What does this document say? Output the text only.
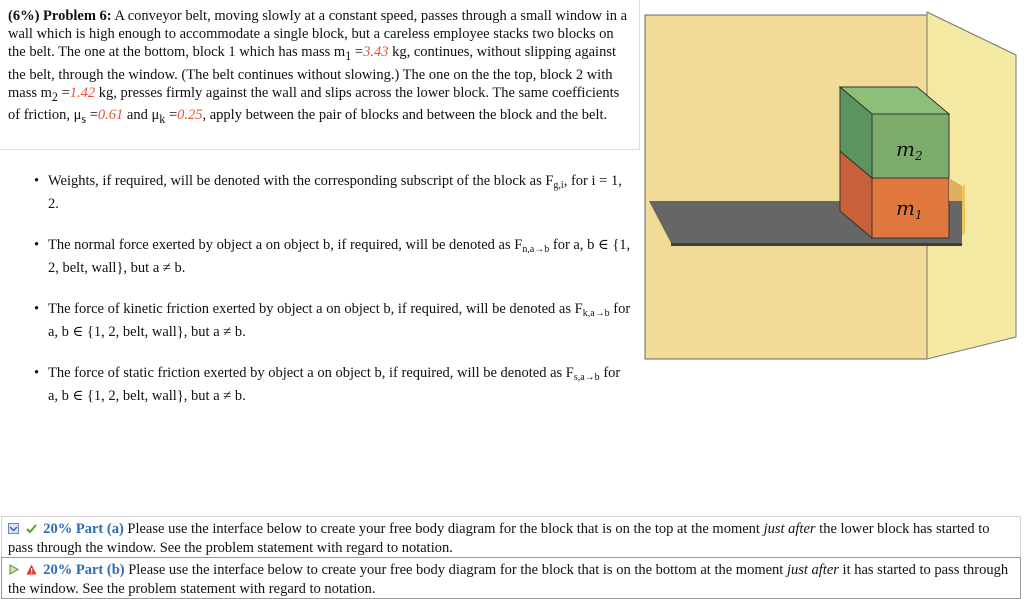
(6%) Problem 6: A conveyor belt, moving slowly at a constant speed, passes through a small window in a wall which is high enough to accommodate a single block, but a careless employee stacks two blocks on the belt. The one at the bottom, block 1 which has mass $m_1 =3.43$ kg, continues, without slipping against the belt, through the window. (The belt continues without slowing.) The one on the the top, block 2 with mass $m_2 =1.42$ kg, presses firmly against the wall and slips across the lower block. The same coefficients of friction, $\mu_s =0.61$ and $\mu_k =0.25$, apply between the pair of blocks and between the block and the belt.
• Weights, if required, will be denoted with the corresponding subscript of the block as $F_{g,i}$, for i = 1, 2.
• The normal force exerted by object a on object b, if required, will be denoted as $F_{n,a\to b}$ for a, b ∈ {1, 2, belt, wall}, but a ≠ b.
• The force of kinetic friction exerted by object a on object b, if required, will be denoted as $F_{k,a\to b}$ for a, b ∈ {1, 2, belt, wall}, but a ≠ b.
• The force of static friction exerted by object a on object b, if required, will be denoted as $F_{s,a\to b}$ for a, b ∈ {1, 2, belt, wall}, but a ≠ b.
$m_2$
$m_1$
20% Part (a) Please use the interface below to create your free body diagram for the block that is on the top at the moment just after the lower block has started to pass through the window. See the problem statement with regard to notation.
20% Part (b) Please use the interface below to create your free body diagram for the block that is on the bottom at the moment just after it has started to pass through the window. See the problem statement with regard to notation.
